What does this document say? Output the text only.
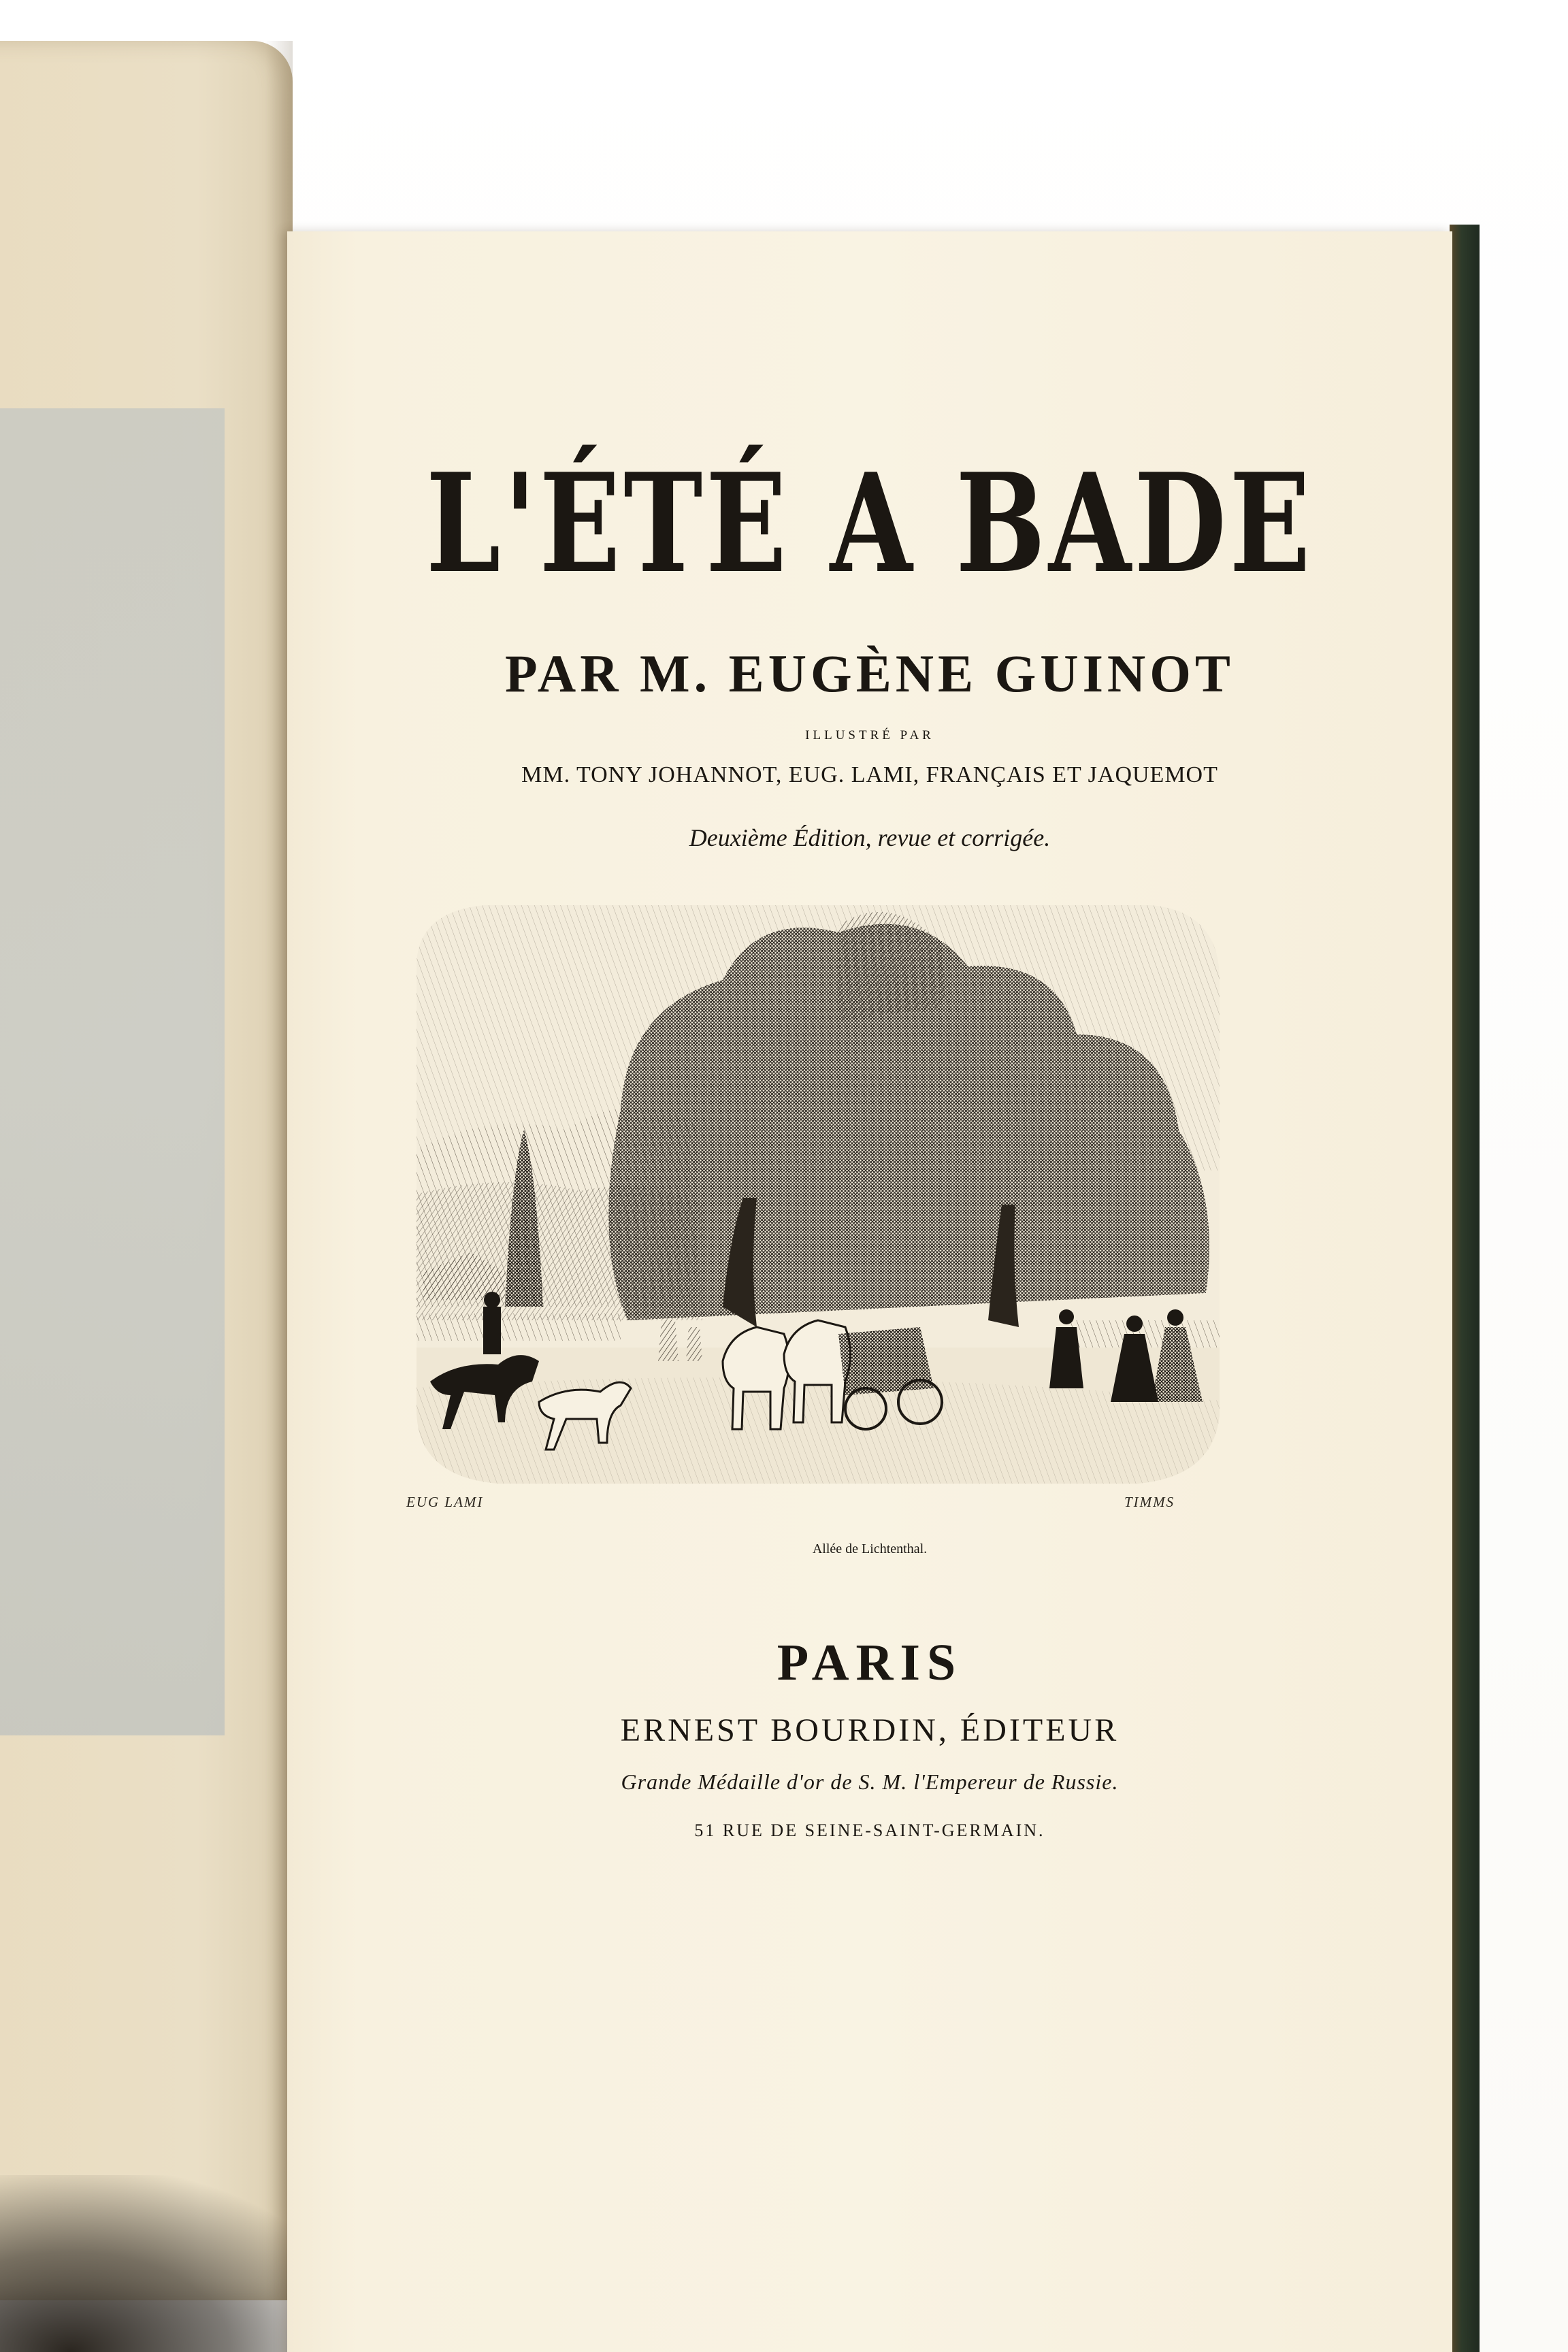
L'ÉTÉ A BADE
PAR M. EUGÈNE GUINOT
ILLUSTRÉ PAR
MM. TONY JOHANNOT, EUG. LAMI, FRANÇAIS ET JAQUEMOT
Deuxième Édition, revue et corrigée.
EUG LAMI	TIMMS
Allée de Lichtenthal.
PARIS
ERNEST BOURDIN, ÉDITEUR
Grande Médaille d'or de S. M. l'Empereur de Russie.
51 RUE DE SEINE-SAINT-GERMAIN.
